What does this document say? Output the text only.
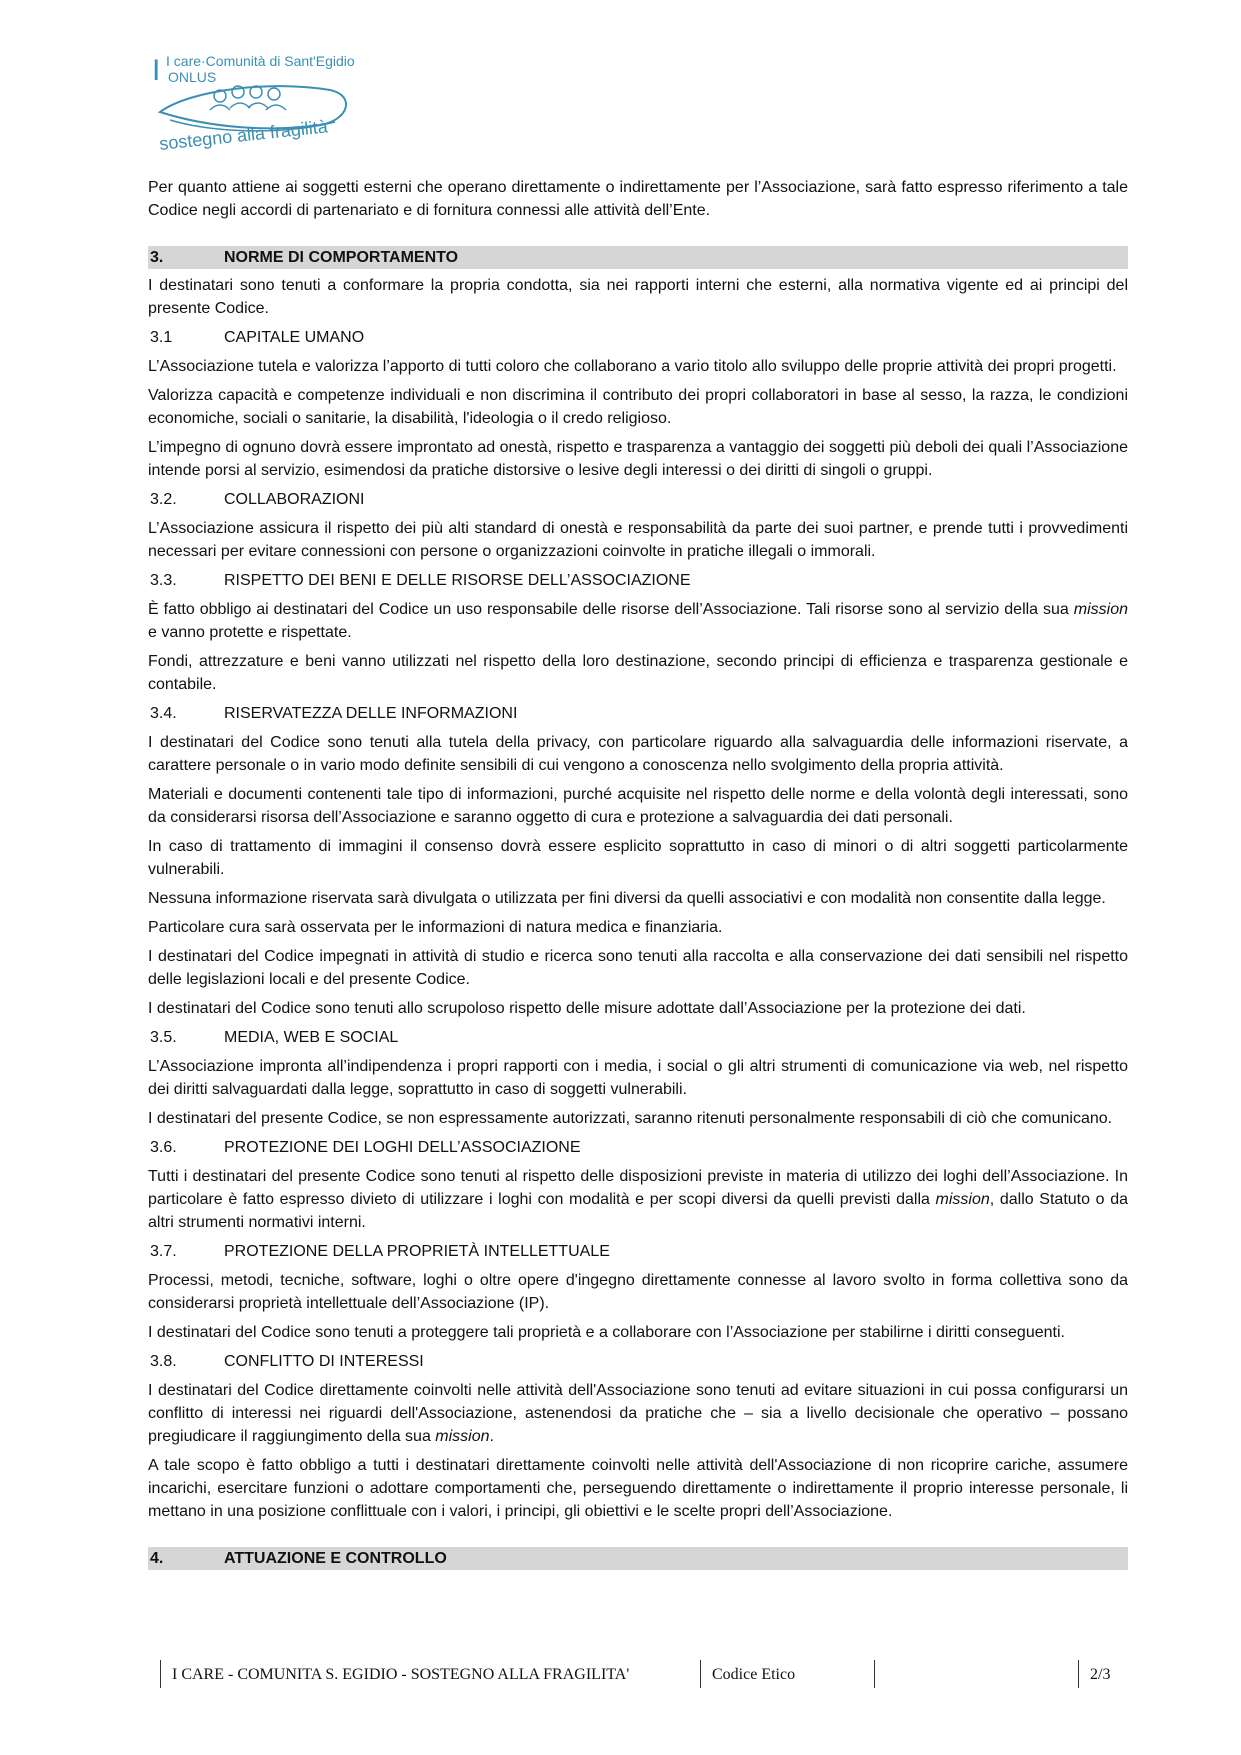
I I care·Comunità di Sant'Egidio
ONLUS
sostegno alla fragilità

Per quanto attiene ai soggetti esterni che operano direttamente o indirettamente per l’Associazione, sarà fatto espresso riferimento a tale Codice negli accordi di partenariato e di fornitura connessi alle attività dell’Ente.

3.	NORME DI COMPORTAMENTO

I destinatari sono tenuti a conformare la propria condotta, sia nei rapporti interni che esterni, alla normativa vigente ed ai principi del presente Codice.

3.1	CAPITALE UMANO

L’Associazione tutela e valorizza l’apporto di tutti coloro che collaborano a vario titolo allo sviluppo delle proprie attività dei propri progetti.

Valorizza capacità e competenze individuali e non discrimina il contributo dei propri collaboratori in base al sesso, la razza, le condizioni economiche, sociali o sanitarie, la disabilità, l'ideologia o il credo religioso.

L’impegno di ognuno dovrà essere improntato ad onestà, rispetto e trasparenza a vantaggio dei soggetti più deboli dei quali l’Associazione intende porsi al servizio, esimendosi da pratiche distorsive o lesive degli interessi o dei diritti di singoli o gruppi.

3.2.	COLLABORAZIONI

L’Associazione assicura il rispetto dei più alti standard di onestà e responsabilità da parte dei suoi partner, e prende tutti i provvedimenti necessari per evitare connessioni con persone o organizzazioni coinvolte in pratiche illegali o immorali.

3.3.	RISPETTO DEI BENI E DELLE RISORSE DELL’ASSOCIAZIONE

È fatto obbligo ai destinatari del Codice un uso responsabile delle risorse dell’Associazione. Tali risorse sono al servizio della sua mission e vanno protette e rispettate.

Fondi, attrezzature e beni vanno utilizzati nel rispetto della loro destinazione, secondo principi di efficienza e trasparenza gestionale e contabile.

3.4.	RISERVATEZZA DELLE INFORMAZIONI

I destinatari del Codice sono tenuti alla tutela della privacy, con particolare riguardo alla salvaguardia delle informazioni riservate, a carattere personale o in vario modo definite sensibili di cui vengono a conoscenza nello svolgimento della propria attività.

Materiali e documenti contenenti tale tipo di informazioni, purché acquisite nel rispetto delle norme e della volontà degli interessati, sono da considerarsi risorsa dell’Associazione e saranno oggetto di cura e protezione a salvaguardia dei dati personali.

In caso di trattamento di immagini il consenso dovrà essere esplicito soprattutto in caso di minori o di altri soggetti particolarmente vulnerabili.

Nessuna informazione riservata sarà divulgata o utilizzata per fini diversi da quelli associativi e con modalità non consentite dalla legge.

Particolare cura sarà osservata per le informazioni di natura medica e finanziaria.

I destinatari del Codice impegnati in attività di studio e ricerca sono tenuti alla raccolta e alla conservazione dei dati sensibili nel rispetto delle legislazioni locali e del presente Codice.

I destinatari del Codice sono tenuti allo scrupoloso rispetto delle misure adottate dall’Associazione per la protezione dei dati.

3.5.	MEDIA, WEB E SOCIAL

L’Associazione impronta all’indipendenza i propri rapporti con i media, i social o gli altri strumenti di comunicazione via web, nel rispetto dei diritti salvaguardati dalla legge, soprattutto in caso di soggetti vulnerabili.

I destinatari del presente Codice, se non espressamente autorizzati, saranno ritenuti personalmente responsabili di ciò che comunicano.

3.6.	PROTEZIONE DEI LOGHI DELL’ASSOCIAZIONE

Tutti i destinatari del presente Codice sono tenuti al rispetto delle disposizioni previste in materia di utilizzo dei loghi dell’Associazione. In particolare è fatto espresso divieto di utilizzare i loghi con modalità e per scopi diversi da quelli previsti dalla mission, dallo Statuto o da altri strumenti normativi interni.

3.7.	PROTEZIONE DELLA PROPRIETÀ INTELLETTUALE

Processi, metodi, tecniche, software, loghi o oltre opere d'ingegno direttamente connesse al lavoro svolto in forma collettiva sono da considerarsi proprietà intellettuale dell’Associazione (IP).

I destinatari del Codice sono tenuti a proteggere tali proprietà e a collaborare con l’Associazione per stabilirne i diritti conseguenti.

3.8.	CONFLITTO DI INTERESSI

I destinatari del Codice direttamente coinvolti nelle attività dell'Associazione sono tenuti ad evitare situazioni in cui possa configurarsi un conflitto di interessi nei riguardi dell'Associazione, astenendosi da pratiche che – sia a livello decisionale che operativo – possano pregiudicare il raggiungimento della sua mission.

A tale scopo è fatto obbligo a tutti i destinatari direttamente coinvolti nelle attività dell'Associazione di non ricoprire cariche, assumere incarichi, esercitare funzioni o adottare comportamenti che, perseguendo direttamente o indirettamente il proprio interesse personale, li mettano in una posizione conflittuale con i valori, i principi, gli obiettivi e le scelte propri dell’Associazione.

4.	ATTUAZIONE E CONTROLLO
I CARE - COMUNITA S. EGIDIO - SOSTEGNO ALLA FRAGILITA'	Codice Etico	2/3
